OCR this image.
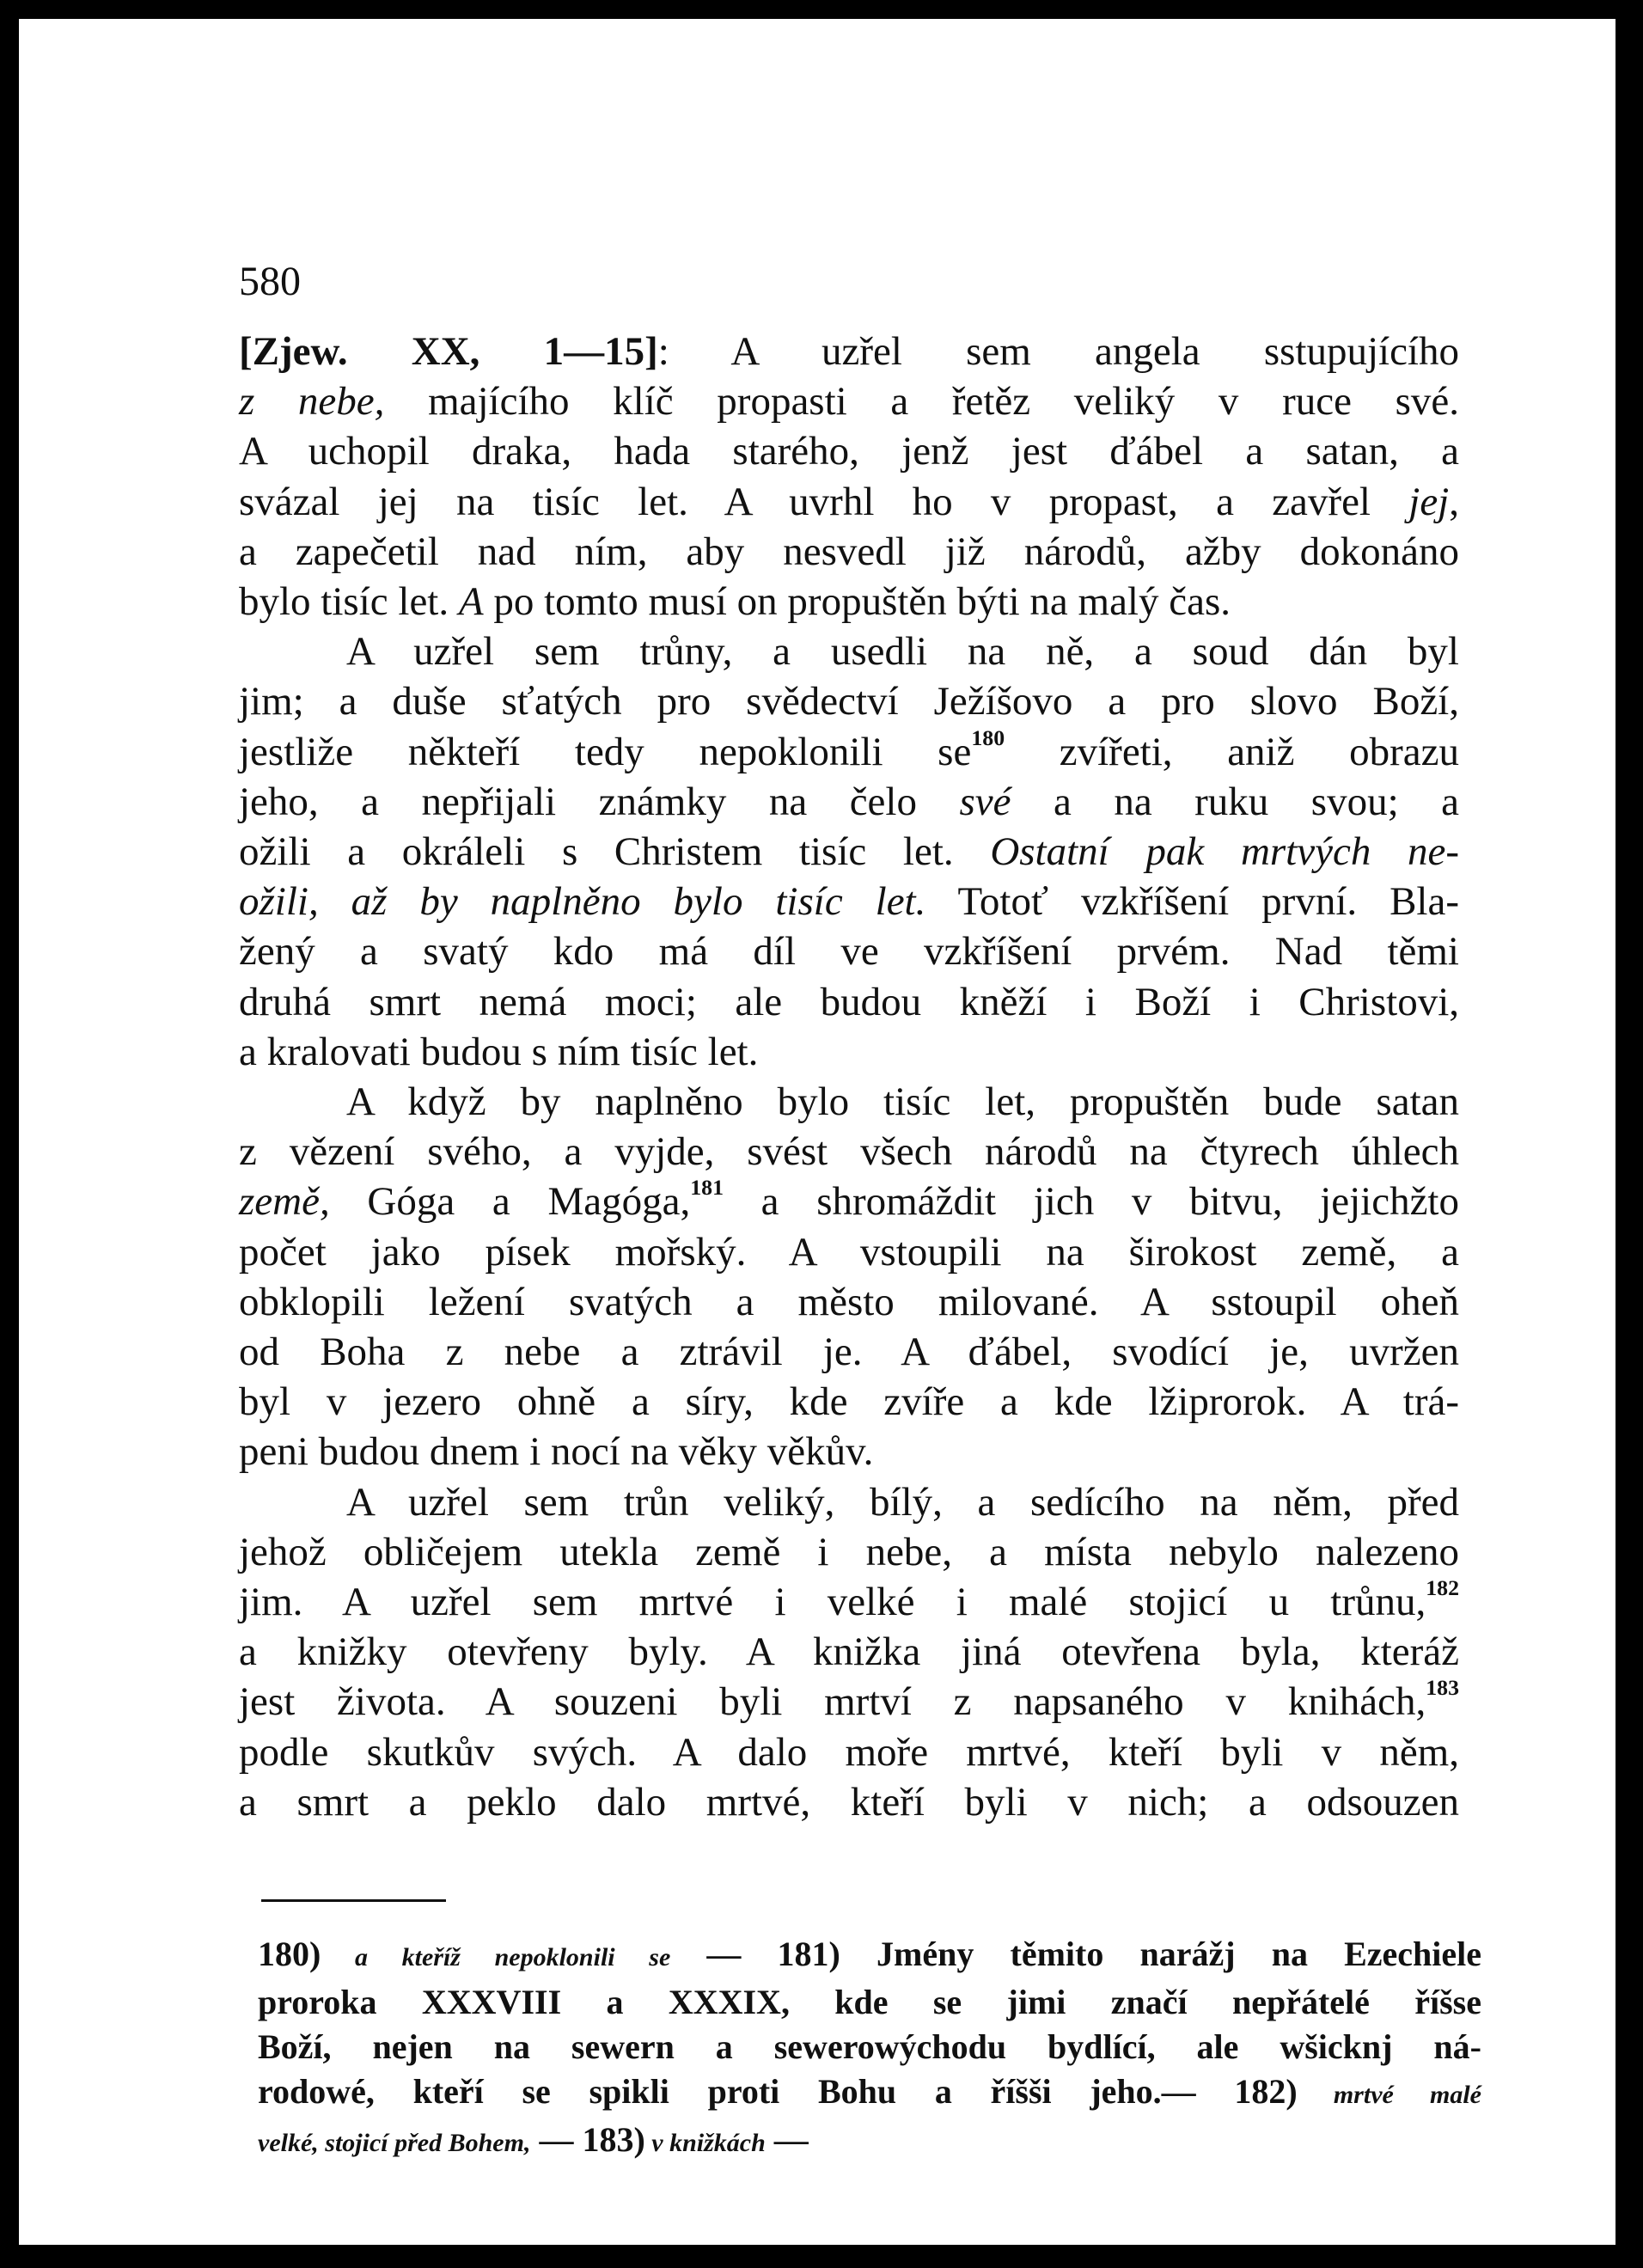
580
[Zjew. XX, 1—15]: A uzřel sem angela sstupujícího
z nebe, majícího klíč propasti a řetěz veliký v ruce své.
A uchopil draka, hada starého, jenž jest ďábel a satan, a
svázal jej na tisíc let. A uvrhl ho v propast, a zavřel jej,
a zapečetil nad ním, aby nesvedl již národů, ažby dokonáno
bylo tisíc let. A po tomto musí on propuštěn býti na malý čas.
A uzřel sem trůny, a usedli na ně, a soud dán byl
jim; a duše sťatých pro svědectví Ježíšovo a pro slovo Boží,
jestliže někteří tedy nepoklonili $se^{180}$ zvířeti, aniž obrazu
jeho, a nepřijali známky na čelo své a na ruku svou; a
ožili a okráleli s Christem tisíc let. Ostatní pak mrtvých ne-
ožili, až by naplněno bylo tisíc let. Totoť vzkříšení první. Bla-
žený a svatý kdo má díl ve vzkříšení prvém. Nad těmi
druhá smrt nemá moci; ale budou kněží i Boží i Christovi,
a kralovati budou s ním tisíc let.
A když by naplněno bylo tisíc let, propuštěn bude satan
z vězení svého, a vyjde, svést všech národů na čtyrech úhlech
země, Góga a Magóga,$^{181}$ a shromáždit jich v bitvu, jejichžto
počet jako písek mořský. A vstoupili na širokost země, a
obklopili ležení svatých a město milované. A sstoupil oheň
od Boha z nebe a ztrávil je. A ďábel, svodící je, uvržen
byl v jezero ohně a síry, kde zvíře a kde lžiprorok. A trá-
peni budou dnem i nocí na věky věkův.
A uzřel sem trůn veliký, bílý, a sedícího na něm, před
jehož obličejem utekla země i nebe, a místa nebylo nalezeno
jim. A uzřel sem mrtvé i velké i malé stojicí u trůnu,$^{182}$
a knižky otevřeny byly. A knižka jiná otevřena byla, kteráž
jest života. A souzeni byli mrtví z napsaného v knihách,$^{183}$
podle skutkův svých. A dalo moře mrtvé, kteří byli v něm,
a smrt a peklo dalo mrtvé, kteří byli v nich; a odsouzen
180) a kteříž nepoklonili se — 181) Jmény těmito narážj na Ezechiele
proroka XXXVIII a XXXIX, kde se jimi značí nepřátelé říšse
Boží, nejen na sewern a sewerowýchodu bydlící, ale wšicknj ná-
rodowé, kteří se spikli proti Bohu a říšši jeho.— 182) mrtvé malé
velké, stojicí před Bohem, — 183) v knižkách —
